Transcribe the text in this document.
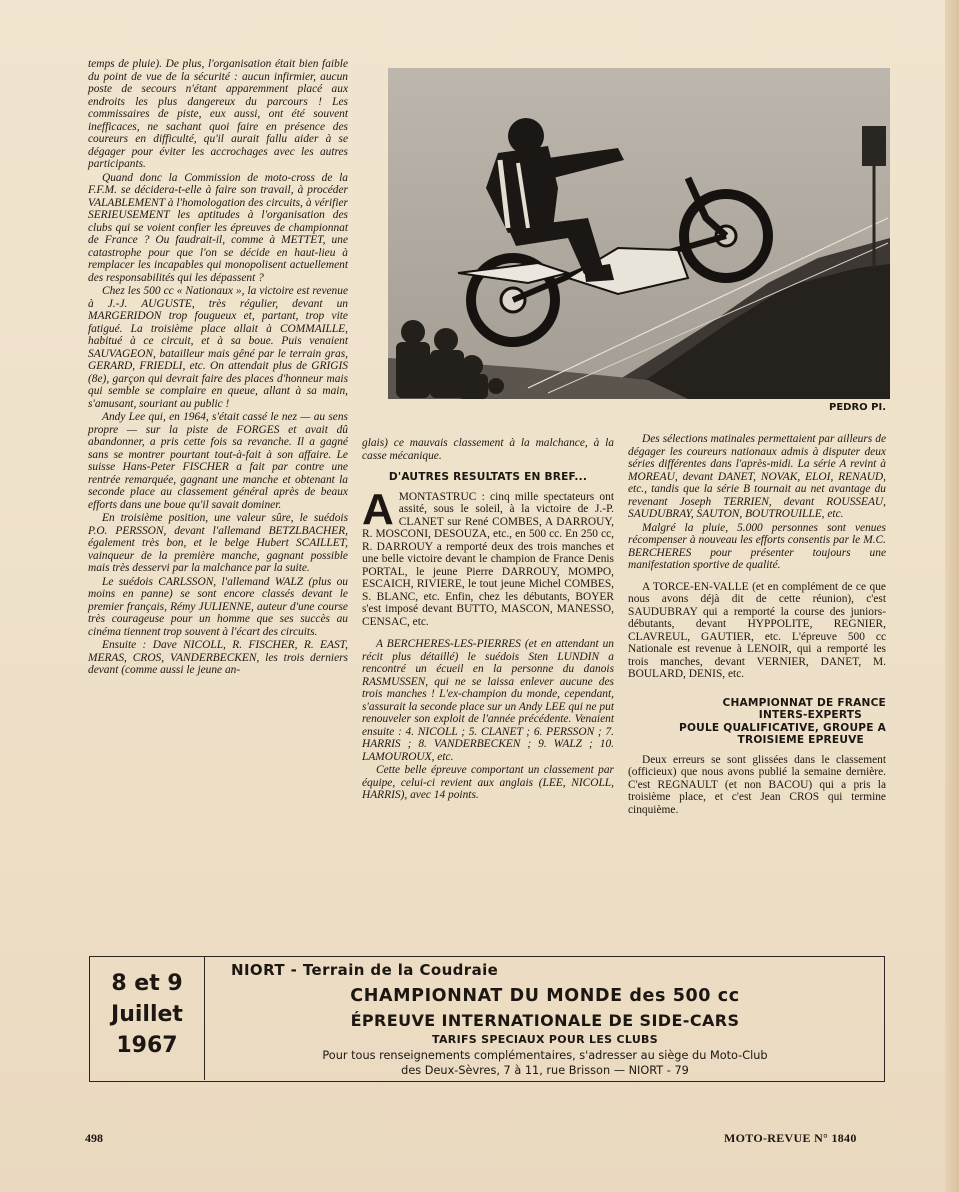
temps de pluie). De plus, l'organisation était bien faible du point de vue de la sécurité : aucun infirmier, aucun poste de secours n'étant apparemment placé aux endroits les plus dangereux du parcours ! Les commissaires de piste, eux aussi, ont été souvent inefficaces, ne sachant quoi faire en présence des coureurs en difficulté, qu'il aurait fallu aider à se dégager pour éviter les accrochages avec les autres participants.

Quand donc la Commission de moto-cross de la F.F.M. se décidera-t-elle à faire son travail, à procéder VALABLEMENT à l'homologation des circuits, à vérifier SERIEUSEMENT les aptitudes à l'organisation des clubs qui se voient confier les épreuves de championnat de France ? Ou faudrait-il, comme à METTET, une catastrophe pour que l'on se décide en haut-lieu à remplacer les incapables qui monopolisent actuellement des responsabilités qui les dépassent ?

Chez les 500 cc « Nationaux », la victoire est revenue à J.-J. AUGUSTE, très régulier, devant un MARGERIDON trop fougueux et, partant, trop vite fatigué. La troisième place allait à COMMAILLE, habitué à ce circuit, et à sa boue. Puis venaient SAUVAGEON, batailleur mais gêné par le terrain gras, GERARD, FRIEDLI, etc. On attendait plus de GRIGIS (8e), garçon qui devrait faire des places d'honneur mais qui semble se complaire en queue, allant à sa main, s'amusant, souriant au public !

Andy Lee qui, en 1964, s'était cassé le nez — au sens propre — sur la piste de FORGES et avait dû abandonner, a pris cette fois sa revanche. Il a gagné sans se montrer pourtant tout-à-fait à son affaire. Le suisse Hans-Peter FISCHER a fait par contre une rentrée remarquée, gagnant une manche et obtenant la seconde place au classement général après de beaux efforts dans une boue qu'il savait dominer.

En troisième position, une valeur sûre, le suédois P.O. PERSSON, devant l'allemand BETZLBACHER, également très bon, et le belge Hubert SCAILLET, vainqueur de la première manche, gagnant possible mais très desservi par la malchance par la suite.

Le suédois CARLSSON, l'allemand WALZ (plus ou moins en panne) se sont encore classés devant le premier français, Rémy JULIENNE, auteur d'une course très courageuse pour un homme que ses succès au cinéma tiennent trop souvent à l'écart des circuits.

Ensuite : Dave NICOLL, R. FISCHER, R. EAST, MERAS, CROS, VANDERBECKEN, les trois derniers devant (comme aussi le jeune an-

PEDRO PI.

glais) ce mauvais classement à la malchance, à la casse mécanique.

D'AUTRES RESULTATS EN BREF...

AMONTASTRUC : cinq mille spectateurs ont assité, sous le soleil, à la victoire de J.-P. CLANET sur René COMBES, A DARROUY, R. MOSCONI, DESOUZA, etc., en 500 cc. En 250 cc, R. DARROUY a remporté deux des trois manches et une belle victoire devant le champion de France Denis PORTAL, le jeune Pierre DARROUY, MOMPO, ESCAICH, RIVIERE, le tout jeune Michel COMBES, S. BLANC, etc. Enfin, chez les débutants, BOYER s'est imposé devant BUTTO, MASCON, MANESSO, CENSAC, etc.

A BERCHERES-LES-PIERRES (et en attendant un récit plus détaillé) le suédois Sten LUNDIN a rencontré un écueil en la personne du danois RASMUSSEN, qui ne se laissa enlever aucune des trois manches ! L'ex-champion du monde, cependant, s'assurait la seconde place sur un Andy LEE qui ne put renouveler son exploit de l'année précédente. Venaient ensuite : 4. NICOLL ; 5. CLANET ; 6. PERSSON ; 7. HARRIS ; 8. VANDERBECKEN ; 9. WALZ ; 10. LAMOUROUX, etc.

Cette belle épreuve comportant un classement par équipe, celui-ci revient aux anglais (LEE, NICOLL, HARRIS), avec 14 points.

Des sélections matinales permettaient par ailleurs de dégager les coureurs nationaux admis à disputer deux séries différentes dans l'après-midi. La série A revint à MOREAU, devant DANET, NOVAK, ELOI, RENAUD, etc., tandis que la série B tournait au net avantage du revenant Joseph TERRIEN, devant ROUSSEAU, SAUDUBRAY, SAUTON, BOUTROUILLE, etc.

Malgré la pluie, 5.000 personnes sont venues récompenser à nouveau les efforts consentis par le M.C. BERCHERES pour présenter toujours une manifestation sportive de qualité.

A TORCE-EN-VALLE (et en complément de ce que nous avons déjà dit de cette réunion), c'est SAUDUBRAY qui a remporté la course des juniors-débutants, devant HYPPOLITE, REGNIER, CLAVREUL, GAUTIER, etc. L'épreuve 500 cc Nationale est revenue à LENOIR, qui a remporté les trois manches, devant VERNIER, DANET, M. BOULARD, DENIS, etc.

CHAMPIONNAT DE FRANCE
INTERS-EXPERTS
POULE QUALIFICATIVE, GROUPE A
TROISIEME EPREUVE

Deux erreurs se sont glissées dans le classement (officieux) que nous avons publié la semaine dernière. C'est REGNAULT (et non BACOU) qui a pris la troisième place, et c'est Jean CROS qui termine cinquième.

8 et 9
Juillet
1967
NIORT - Terrain de la Coudraie
CHAMPIONNAT DU MONDE des 500 cc
ÉPREUVE INTERNATIONALE DE SIDE-CARS
TARIFS SPECIAUX POUR LES CLUBS
Pour tous renseignements complémentaires, s'adresser au siège du Moto-Club
des Deux-Sèvres, 7 à 11, rue Brisson — NIORT - 79
498	MOTO-REVUE N° 1840
